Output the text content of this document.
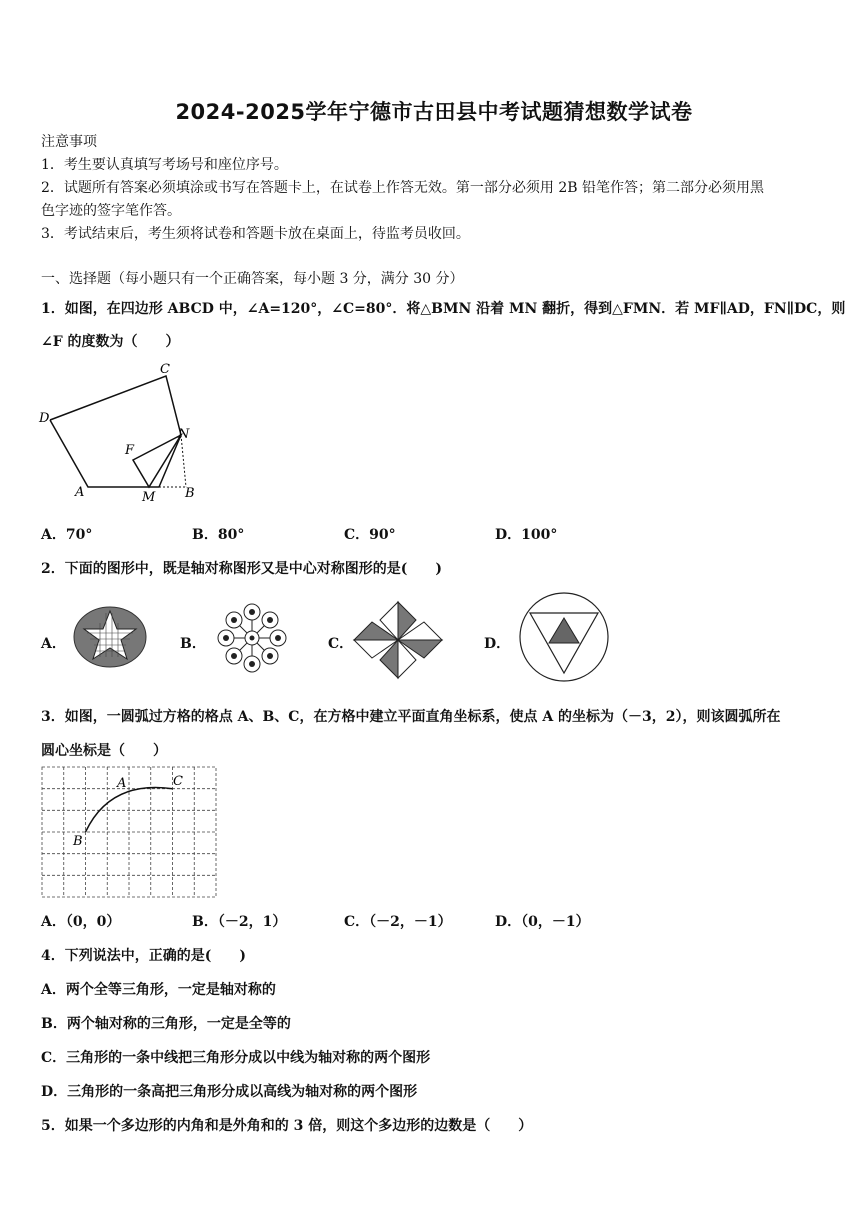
2024-2025学年宁德市古田县中考试题猜想数学试卷
注意事项
1．考生要认真填写考场号和座位序号。
2．试题所有答案必须填涂或书写在答题卡上，在试卷上作答无效。第一部分必须用 2B 铅笔作答；第二部分必须用黑
色字迹的签字笔作答。
3．考试结束后，考生须将试卷和答题卡放在桌面上，待监考员收回。
一、选择题（每小题只有一个正确答案，每小题 3 分，满分 30 分）
1．如图，在四边形 ABCD 中，∠A=120°，∠C=80°．将△BMN 沿着 MN 翻折，得到△FMN．若 MF∥AD，FN∥DC，则
∠F 的度数为（　　）
D
C
N
F
A	M B
A．70°	B．80°	C．90°	D．100°
2．下面的图形中，既是轴对称图形又是中心对称图形的是(　　)
A．	B．	C．	D．
3．如图，一圆弧过方格的格点 A、B、C，在方格中建立平面直角坐标系，使点 A 的坐标为（－3，2），则该圆弧所在
圆心坐标是（　　）
B
A	C
A．（0，0）	B．（－2，1）	C．（－2，－1）	D．（0，－1）
4．下列说法中，正确的是(　　)
A．两个全等三角形，一定是轴对称的
B．两个轴对称的三角形，一定是全等的
C．三角形的一条中线把三角形分成以中线为轴对称的两个图形
D．三角形的一条高把三角形分成以高线为轴对称的两个图形
5．如果一个多边形的内角和是外角和的 3 倍，则这个多边形的边数是（　　）
